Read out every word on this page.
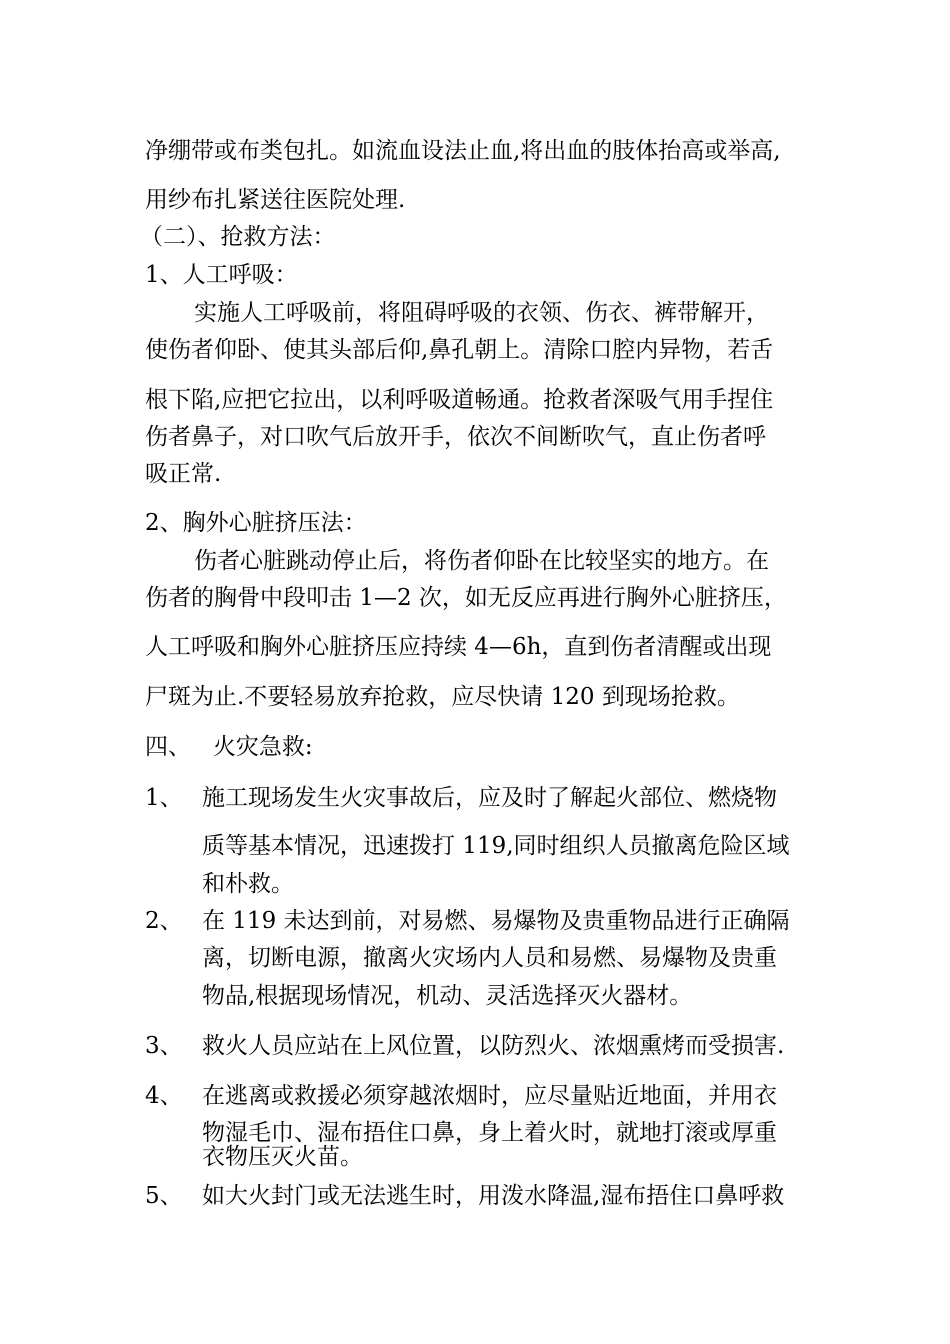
净绷带或布类包扎。如流血设法止血,将出血的肢体抬高或举高,
用纱布扎紧送往医院处理.
（二）、抢救方法：
1、人工呼吸：
实施人工呼吸前，将阻碍呼吸的衣领、伤衣、裤带解开，
使伤者仰卧、使其头部后仰,鼻孔朝上。清除口腔内异物，若舌
根下陷,应把它拉出，以利呼吸道畅通。抢救者深吸气用手捏住
伤者鼻子，对口吹气后放开手，依次不间断吹气，直止伤者呼
吸正常.
2、胸外心脏挤压法：
伤者心脏跳动停止后，将伤者仰卧在比较坚实的地方。在
伤者的胸骨中段叩击 1—2 次，如无反应再进行胸外心脏挤压，
人工呼吸和胸外心脏挤压应持续 4—6h，直到伤者清醒或出现
尸斑为止.不要轻易放弃抢救，应尽快请 120 到现场抢救。
四、   火灾急救:
1、 施工现场发生火灾事故后，应及时了解起火部位、燃烧物
质等基本情况，迅速拨打 119,同时组织人员撤离危险区域
和朴救。
2、 在 119 未达到前，对易燃、易爆物及贵重物品进行正确隔
离，切断电源，撤离火灾场内人员和易燃、易爆物及贵重
物品,根据现场情况，机动、灵活选择灭火器材。
3、 救火人员应站在上风位置，以防烈火、浓烟熏烤而受损害.
4、 在逃离或救援必须穿越浓烟时，应尽量贴近地面，并用衣
物湿毛巾、湿布捂住口鼻，身上着火时，就地打滚或厚重
衣物压灭火苗。
5、 如大火封门或无法逃生时，用泼水降温,湿布捂住口鼻呼救
